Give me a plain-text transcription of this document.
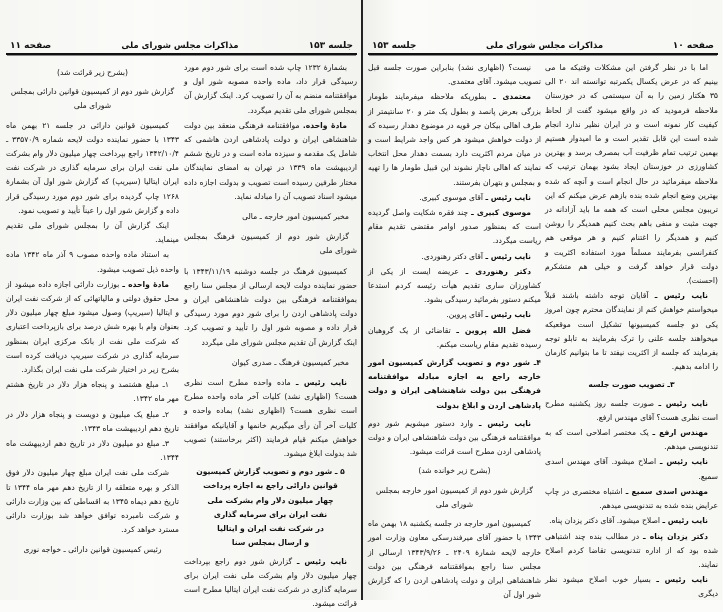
جلسه ۱۵۳
مذاکرات مجلس شورای ملی
صفحه ۱۱

بشمارهٔ ۱۲۳۲ چاپ شده است برای شور دوم مورد رسیدگی قرار داد، ماده واحده مصوبه شور اول و موافقتنامه منضم به آن را تصویب کرد. اینک گزارش آن بمجلس شورای ملی تقدیم میگردد.

مادهٔ واحده. موافقتنامه فرهنگی منعقد بین دولت شاهنشاهی ایران و دولت پادشاهی اردن هاشمی که شامل یک مقدمه و سیزده ماده است و در تاریخ ششم اردیبهشت ماه ۱۳۳۹ در تهران به امضای نمایندگان مختار طرفین رسیده است تصویب و بدولت اجازه داده میشود اسناد تصویب آن را مبادله نماید.

مخبر کمیسیون امور خارجه ـ مالی

گزارش شور دوم از کمیسیون فرهنگ بمجلس شورای ملی

کمیسیون فرهنگ در جلسه دوشنبه ۱۳۴۳/۱۱/۱۹ با حضور نماینده دولت لایحه ارسالی از مجلس سنا راجع بموافقتنامه فرهنگی بین دولت شاهنشاهی ایران و دولت پادشاهی اردن را برای شور دوم مورد رسیدگی قرار داده و مصوبه شور اول را تأیید و تصویب کرد. اینک گزارش آن تقدیم مجلس شورای ملی میگردد

مخبر کمیسیون فرهنگ ـ صدری کیوان

نایب رئیس ـ ماده واحده مطرح است نظری هست؟ (اظهاری نشد) کلیات آخر ماده واحده مطرح است نظری هست؟ (اظهاری نشد) بماده واحده و کلیات آخر آن رأی میگیریم خانمها و آقایانیکه موافقند خواهش میکنم قیام فرمایند (اکثر برخاستند) تصویب شد بدولت ابلاغ میشود.

۵ ـ شور دوم و تصویب گزارش کمیسیون
قوانین دارائی راجع به اجازه پرداخت
چهار میلیون دلار وام بشرکت ملی
نفت ایران برای سرمایه گذاری
در شرکت نفت ایران و ایتالیا
و ارسال بمجلس سنا

نایب رئیس ـ گزارش شور دوم راجع بپرداخت چهار میلیون دلار وام بشرکت ملی نفت ایران برای سرمایه گذاری در شرکت نفت ایران ایتالیا مطرح است قرائت میشود.

(بشرح زیر قرائت شد)

گزارش شور دوم از کمیسیون قوانین دارائی بمجلس شورای ملی

کمیسیون قوانین دارائی در جلسه ۲۱ بهمن ماه ۱۳۴۳ با حضور نماینده دولت لایحه شماره ۳۳۵۷۰/۹ ـ ۱۳۴۲/۱۰/۴ راجع بپرداخت چهار میلیون دلار وام بشرکت ملی نفت ایران برای سرمایه گذاری در شرکت نفت ایران ایتالیا (سیریپ) که گزارش شور اول آن بشمارهٔ ۱۲۶۸ چاپ گردیده برای شور دوم مورد رسیدگی قرار داده و گزارش شور اول را عیناً تأیید و تصویب نمود.

اینک گزارش آن را بمجلس شورای ملی تقدیم مینماید.

به استناد ماده واحده مصوب ۹ آذر ماه ۱۳۴۲ ماده واحده ذیل تصویب میشود.

مادهٔ واحده ـ بوزارت دارائی اجازه داده میشود از محل حقوق دولتی و مالیاتهائی که از شرکت نفت ایران و ایتالیا (سیریپ) وصول میشود مبلغ چهار میلیون دلار بعنوان وام با بهره شش درصد برای بازپرداخت اعتباری که شرکت ملی نفت از بانک مرکزی ایران بمنظور سرمایه گذاری در شرکت سیریپ دریافت کرده است بشرح زیر در اختیار شرکت ملی نفت ایران بگذارد.

۱ـ مبلغ هشتصد و پنجاه هزار دلار در تاریخ هشتم مهر ماه ۱۳۴۲.

۲ـ مبلغ یک میلیون و دویست و پنجاه هزار دلار در تاریخ دهم اردیبهشت ماه ۱۳۴۳.

۳ـ مبلغ دو میلیون دلار در تاریخ دهم اردیبهشت ماه ۱۳۴۴.

شرکت ملی نفت ایران مبلغ چهار میلیون دلار فوق الذکر و بهره متعلقه را از تاریخ دهم مهر ماه ۱۳۴۴ تا تاریخ دهم دیماه ۱۳۴۵ به اقساطی که بین وزارت دارائی و شرکت نامبرده توافق خواهد شد بوزارت دارائی مسترد خواهد کرد.

رئیس کمیسیون قوانین دارائی ـ خواجه نوری

صفحه ۱۰
مذاکرات مجلس شورای ملی
جلسه ۱۵۳

اما با در نظر گرفتن این مشکلات وقتیکه ما می بینیم که در عرض یکسال یکمرتبه توانسته اند ۲۰ الی ۳۵ هکتار زمین را به آن سیستمی که در خوزستان ملاحظه فرمودید که در واقع میشود گفت از لحاظ کیفیت کار نمونه است و در ایران نظیر ندارد انجام شده است این قابل تقدیر است و ما امیدوار هستیم بهمین ترتیب تمام ظرفیت آب بمصرف برسد و بهترین کشاورزی در خوزستان ایجاد بشود بهمان ترتیب که ملاحظه میفرمائید در حال انجام است و آنچه که شده بهترین وضع انجام شده بنده بازهم عرض میکنم که این تریبون مجلس محلی است که همه ما باید آزادانه در جهت مثبت و منفی باهم بحث کنیم همدیگر را روشن کنیم و همدیگر را اغتنام کنیم و هر موقعی هم کنفرانسی بفرمایند مسلماً مورد استفاده اکثریت و دولت قرار خواهد گرفت و خیلی هم متشکرم (احسنت).

نایب رئیس ـ آقایان توجه داشته باشند قبلاً میخواستم خواهش کنم از نمایندگان محترم چون امروز یکی دو جلسه کمیسیونها تشکیل است موقعیکه میخواهند جلسه علنی را ترک بفرمایند به تابلو توجه بفرمایند که جلسه از اکثریت نیفتد تا ما بتوانیم کارمان را ادامه بدهیم.

۳ـ تصویب صورت جلسه

نایب رئیس ـ صورت جلسه روز یکشنبه مطرح است نظری هست؟ آقای مهندس ارفع.

مهندس ارفع ـ یک مختصر اصلاحی است که به تندنویسی میدهم.

نایب رئیس ـ اصلاح میشود. آقای مهندس اسدی سمیع.

مهندس اسدی سمیع ـ اشتباه مختصری در چاپ عرایض بنده شده به تندنویسی میدهم.

نایب رئیس ـ اصلاح میشود. آقای دکتر یزدان پناه.

دکتر یزدان پناه ـ در مطالب بنده چند اشتباهی شده بود که از اداره تندنویسی تقاضا کردم اصلاح نمایند.

نایب رئیس ـ بسیار خوب اصلاح میشود نظر دیگری

نیست؟ (اظهاری نشد) بنابراین صورت جلسه قبل تصویب میشود. آقای معتمدی.

معتمدی ـ بطوریکه ملاحظه میفرمایند طومار بزرگی بعرض پانصد و بطول یک متر و ۲۰ سانتیمتر از طرف اهالی بیکان جر قویه در موضوع دهدار رسیده که از دولت خواهش میشود هر کس واجد شرایط است و در میان مردم اکثریت دارد بسمت دهدار محل انتخاب نمایند که اهالی ناچار نشوند این قبیل طومار ها را تهیه و بمجلس و بتهران بفرستند.

نایب رئیس ـ آقای موسوی کبیری.

موسوی کبیری ـ چند فقره شکایت واصل گردیده است که بمنظور صدور اوامر مقتضی تقدیم مقام ریاست میگردد.

نایب رئیس ـ آقای دکتر رهنوردی.

دکتر رهنوردی ـ عریضه ایست از یکی از کشاورزان ساری تقدیم هیأت رئیسه کردم استدعا میکنم دستور بفرمائید رسیدگی بشود.

نایب رئیس ـ آقای پروین.

فضل الله پروین ـ تقاضائی از یک گروهبان رسیده تقدیم مقام ریاست میکنم.

۴ـ شور دوم و تصویب گزارش کمیسیون امور خارجه راجع به اجازه مبادله موافقتنامه فرهنگی بین دولت شاهنشاهی ایران و دولت پادشاهی اردن و ابلاغ بدولت

نایب رئیس ـ وارد دستور میشویم شور دوم موافقتنامه فرهنگی بین دولت شاهنشاهی ایران و دولت پادشاهی اردن مطرح است قرائت میشود.

(بشرح زیر خوانده شد)

گزارش شور دوم از کمیسیون امور خارجه بمجلس شورای ملی

کمیسیون امور خارجه در جلسه یکشنبه ۱۸ بهمن ماه ۱۳۴۳ با حضور آقای میرفندرسکی معاون وزارت امور خارجه لایحه شمارهٔ ۲۴۰۹ ـ ۱۳۴۳/۹/۲۶ ارسالی از مجلس سنا راجع بموافقتنامه فرهنگی بین دولت شاهنشاهی ایران و دولت پادشاهی اردن را که گزارش شور اول آن
